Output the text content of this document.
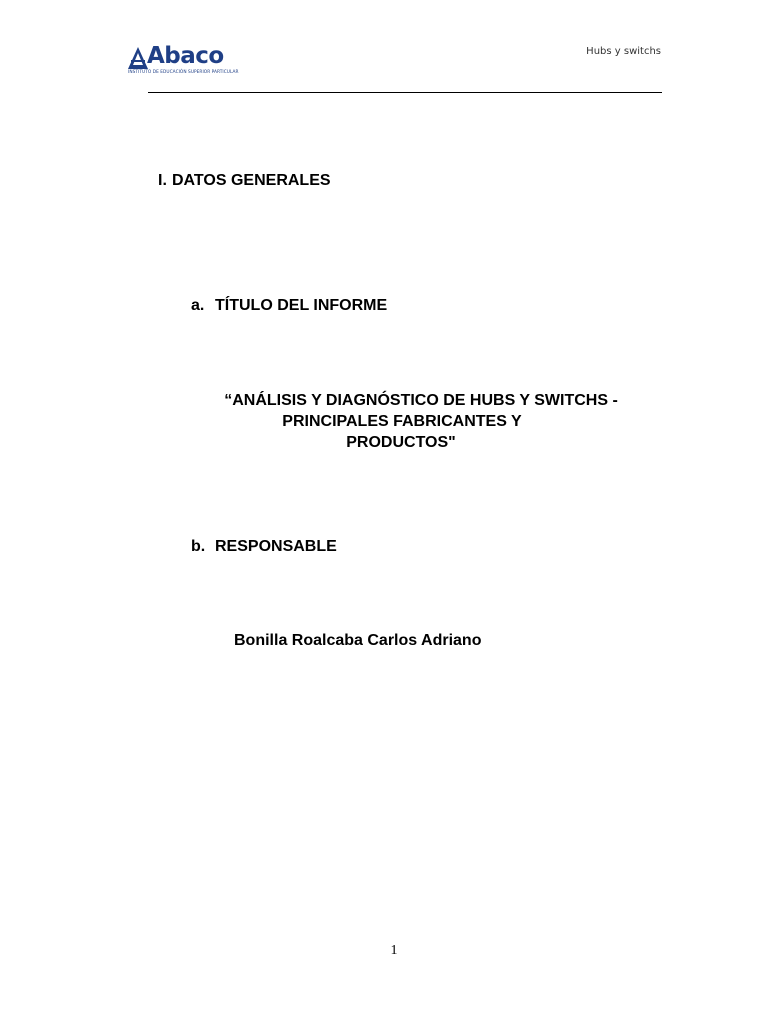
Abaco
INSTITUTO DE EDUCACIÓN SUPERIOR PARTICULAR
Hubs y switchs
I. DATOS GENERALES
a. TÍTULO DEL INFORME
“ANÁLISIS Y DIAGNÓSTICO DE HUBS Y SWITCHS -
PRINCIPALES FABRICANTES Y
PRODUCTOS"
b. RESPONSABLE
Bonilla Roalcaba Carlos Adriano
1
